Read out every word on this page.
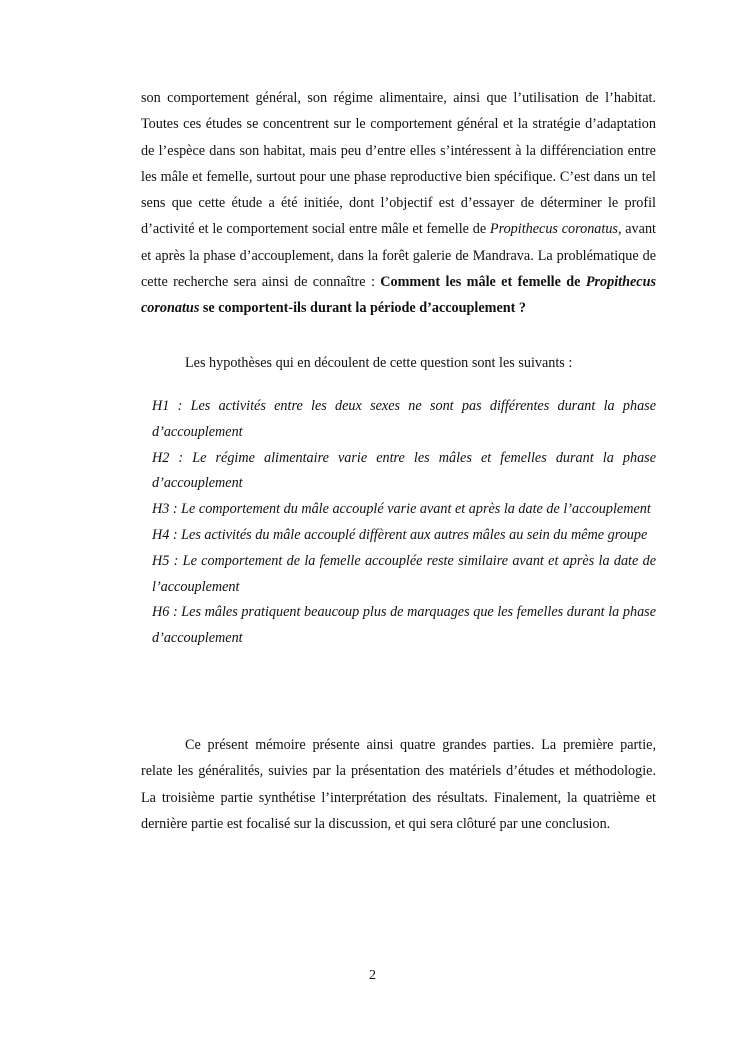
son comportement général, son régime alimentaire, ainsi que l’utilisation de l’habitat. Toutes ces études se concentrent sur le comportement général et la stratégie d’adaptation de l’espèce dans son habitat, mais peu d’entre elles s’intéressent à la différenciation entre les mâle et femelle, surtout pour une phase reproductive bien spécifique. C’est dans un tel sens que cette étude a été initiée, dont l’objectif est d’essayer de déterminer le profil d’activité et le comportement social entre mâle et femelle de Propithecus coronatus, avant et après la phase d’accouplement, dans la forêt galerie de Mandrava. La problématique de cette recherche sera ainsi de connaître : Comment les mâle et femelle de Propithecus coronatus se comportent-ils durant la période d’accouplement ?

Les hypothèses qui en découlent de cette question sont les suivants :

H1 : Les activités entre les deux sexes ne sont pas différentes durant la phase d’accouplement

H2 : Le régime alimentaire varie entre les mâles et femelles durant la phase d’accouplement

H3 : Le comportement du mâle accouplé varie avant et après la date de l’accouplement

H4 : Les activités du mâle accouplé diffèrent aux autres mâles au sein du même groupe

H5 : Le comportement de la femelle accouplée reste similaire avant et après la date de l’accouplement

H6 : Les mâles pratiquent beaucoup plus de marquages que les femelles durant la phase d’accouplement

Ce présent mémoire présente ainsi quatre grandes parties. La première partie, relate les généralités, suivies par la présentation des matériels d’études et méthodologie. La troisième partie synthétise l’interprétation des résultats. Finalement, la quatrième et dernière partie est focalisé sur la discussion, et qui sera clôturé par une conclusion.

2
